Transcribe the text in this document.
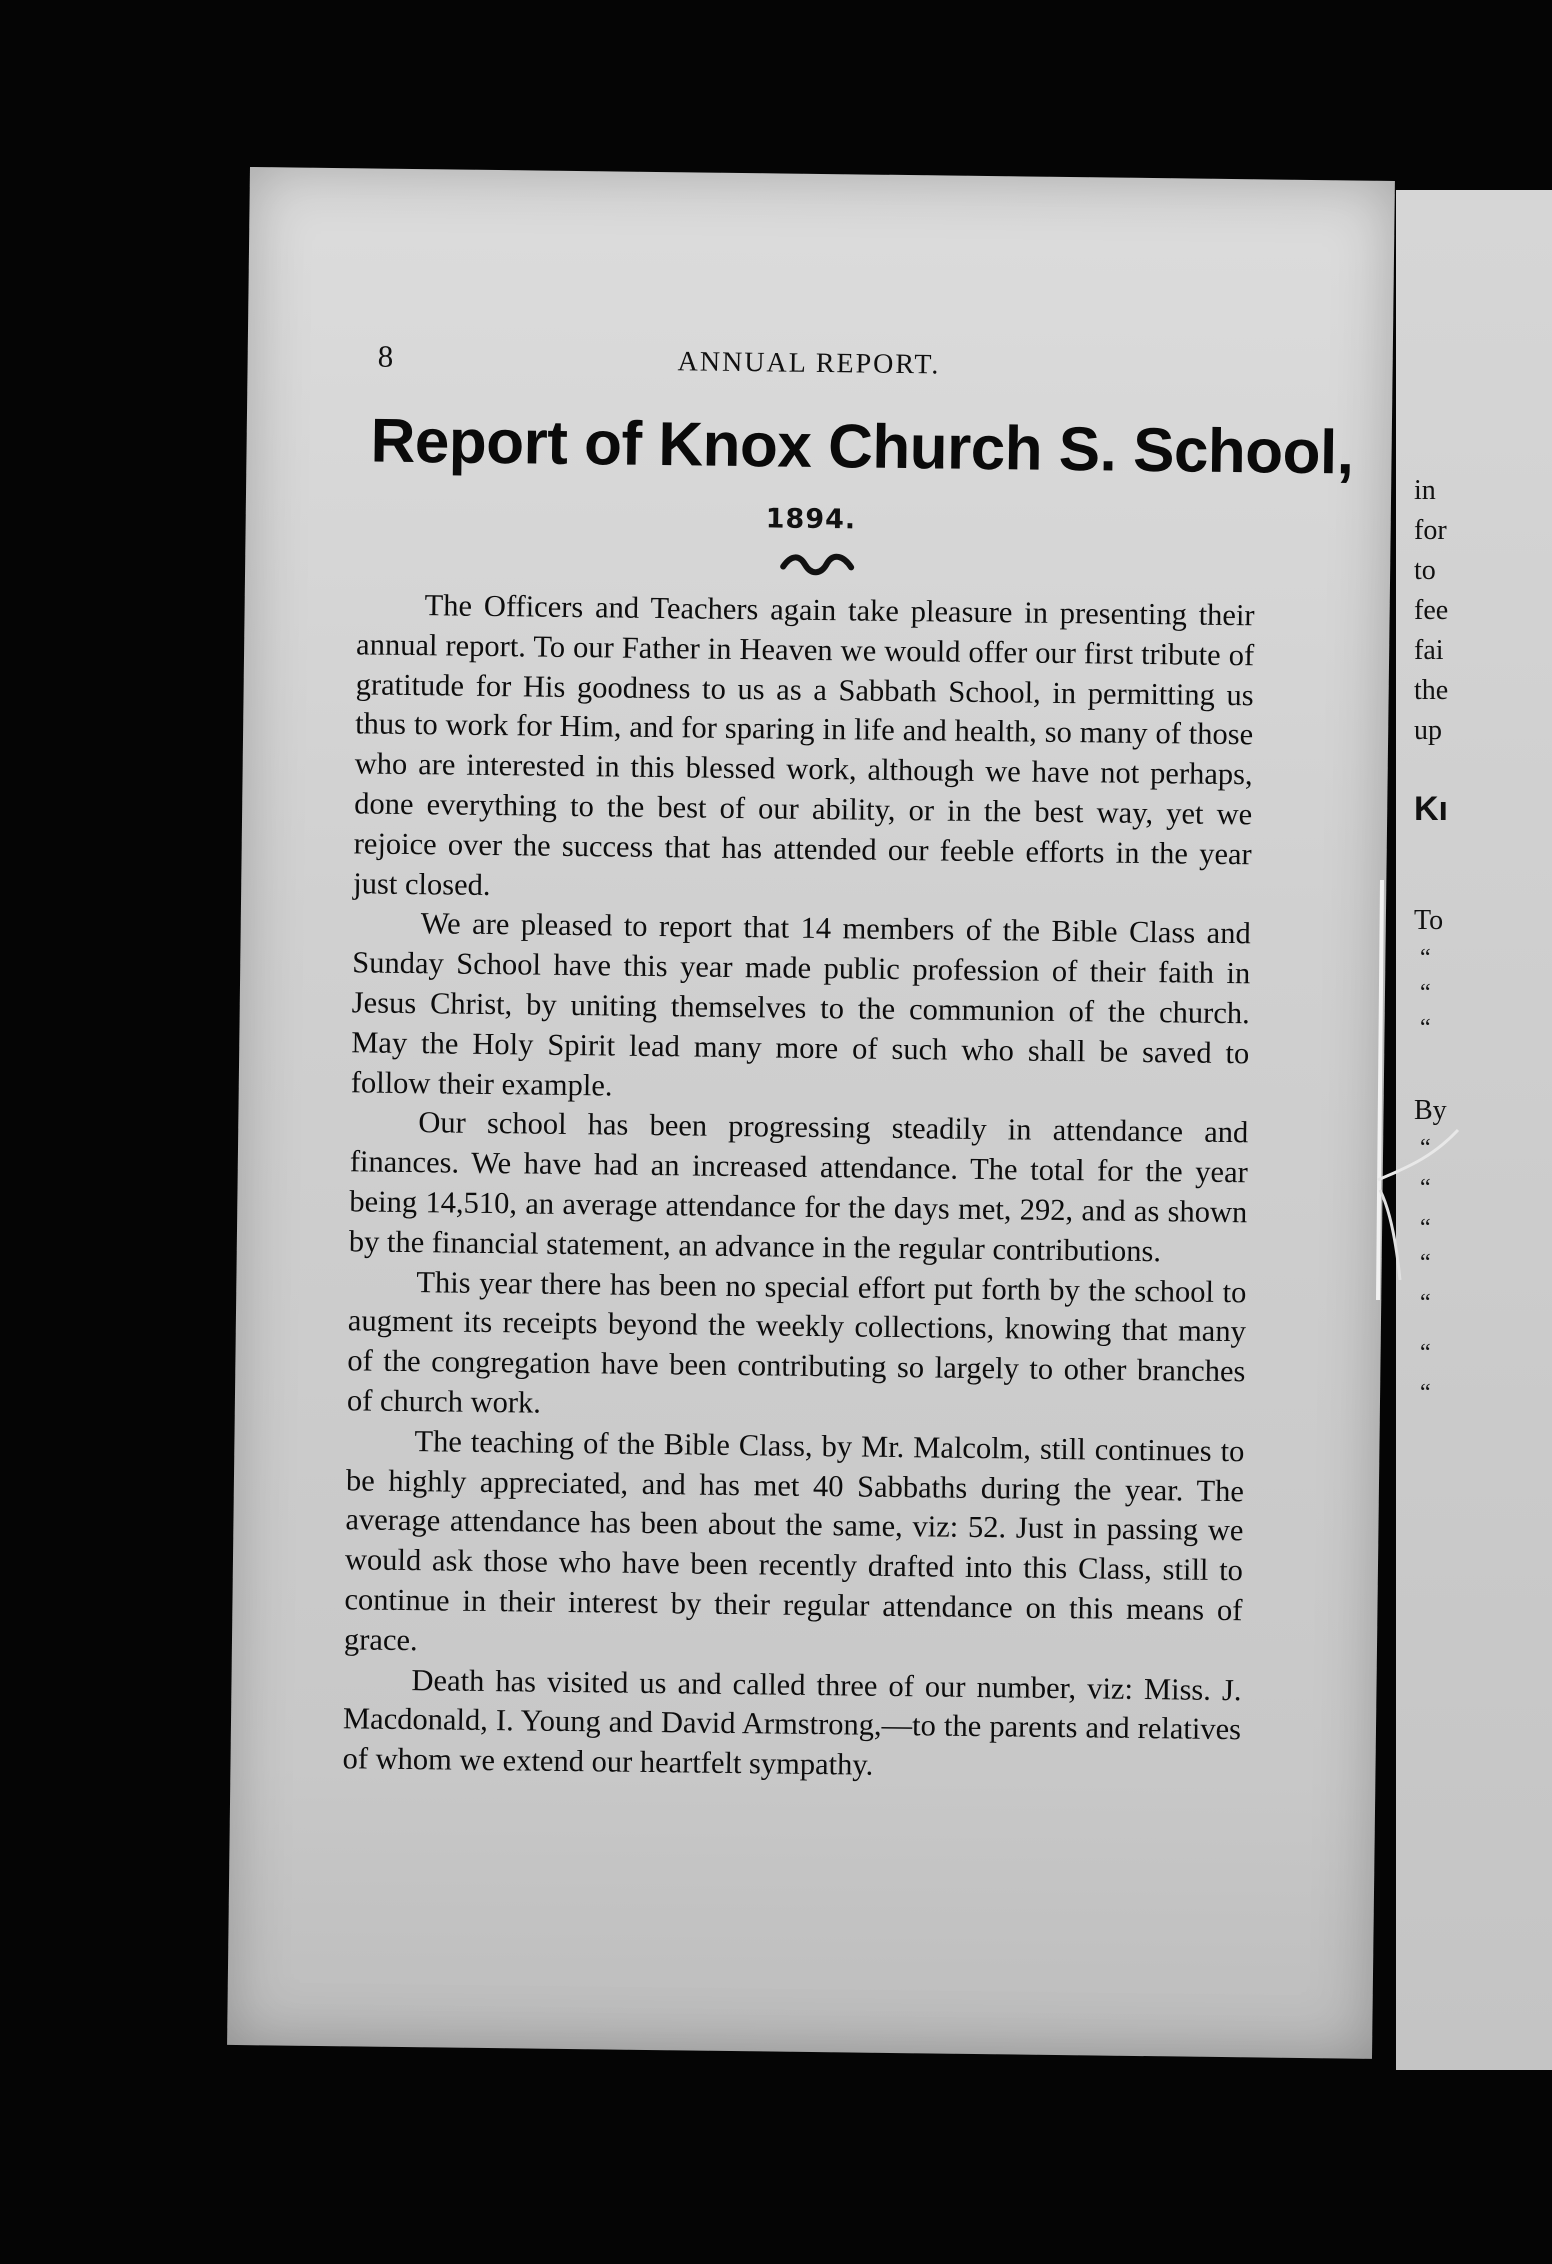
8	ANNUAL REPORT.
Report of Knox Church S. School,
1894.

The Officers and Teachers again take pleasure in presenting their annual report. To our Father in Heaven we would offer our first tribute of gratitude for His goodness to us as a Sabbath School, in permitting us thus to work for Him, and for sparing in life and health, so many of those who are interested in this blessed work, although we have not perhaps, done everything to the best of our ability, or in the best way, yet we rejoice over the success that has attended our feeble efforts in the year just closed.

We are pleased to report that 14 members of the Bible Class and Sunday School have this year made public profession of their faith in Jesus Christ, by uniting themselves to the communion of the church. May the Holy Spirit lead many more of such who shall be saved to follow their example.

Our school has been progressing steadily in attendance and finances. We have had an increased attendance. The total for the year being 14,510, an average attendance for the days met, 292, and as shown by the financial statement, an advance in the regular contributions.

This year there has been no special effort put forth by the school to augment its receipts beyond the weekly collections, knowing that many of the congregation have been contributing so largely to other branches of church work.

The teaching of the Bible Class, by Mr. Malcolm, still continues to be highly appreciated, and has met 40 Sabbaths during the year. The average attendance has been about the same, viz: 52. Just in passing we would ask those who have been recently drafted into this Class, still to continue in their interest by their regular attendance on this means of grace.

Death has visited us and called three of our number, viz: Miss. J. Macdonald, I. Young and David Armstrong,—to the parents and relatives of whom we extend our heartfelt sympathy.

in
for
to
fee
fai
the
up
Kı
To
“
“
“
By
“
“
“
“
“
“
“
